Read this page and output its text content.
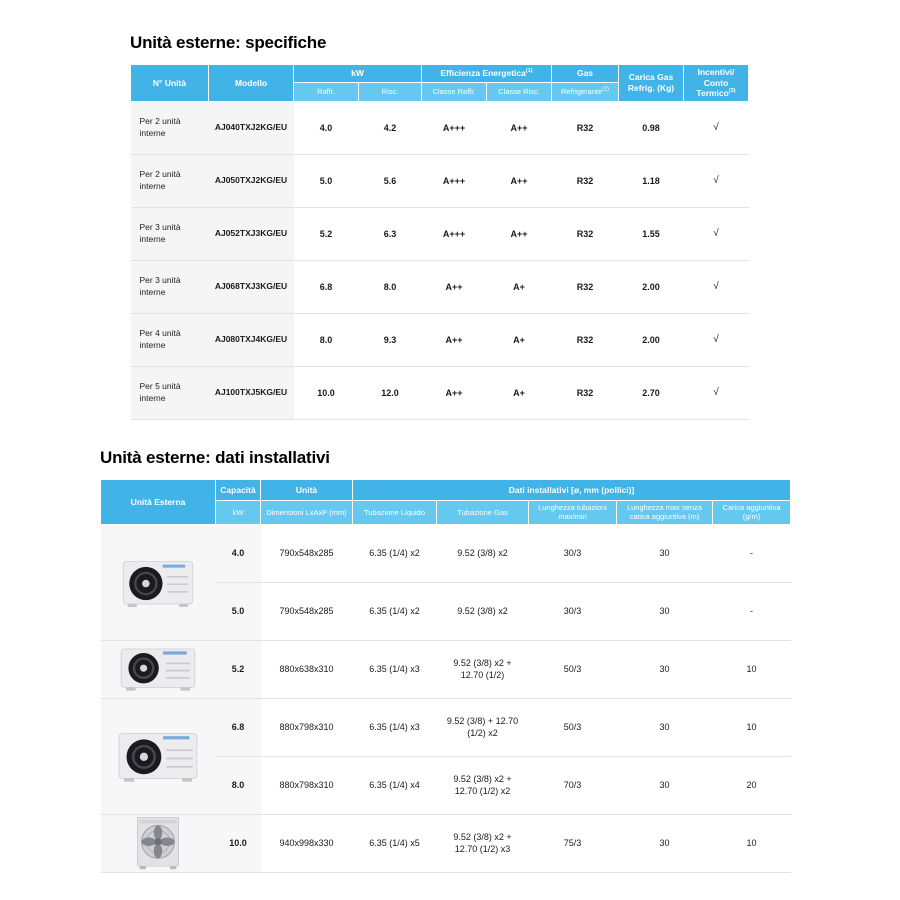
Unità esterne: specifiche
N° Unità	Modello	kW		Efficienza Energetica$^{(1)}$		Gas	Carica Gas Refrig. (Kg)	Incentivi/
Conto Termico$^{(3)}$
		Raffr.	Risc.	Classe Raffr.	Classe Risc.	Refrigerante$^{(2)}$
Per 2 unità interne	AJ040TXJ2KG/EU	4.0	4.2	A+++	A++	R32	0.98	√
Per 2 unità interne	AJ050TXJ2KG/EU	5.0	5.6	A+++	A++	R32	1.18	√
Per 3 unità interne	AJ052TXJ3KG/EU	5.2	6.3	A+++	A++	R32	1.55	√
Per 3 unità interne	AJ068TXJ3KG/EU	6.8	8.0	A++	A+	R32	2.00	√
Per 4 unità interne	AJ080TXJ4KG/EU	8.0	9.3	A++	A+	R32	2.00	√
Per 5 unità interne	AJ100TXJ5KG/EU	10.0	12.0	A++	A+	R32	2.70	√
Unità esterne: dati installativi
Unità Esterna	Capacità	Unità	Dati installativi [ø, mm (pollici)]				
	kW	Dimensioni LxAxP (mm)	Tubazione Liquido	Tubazione Gas	Lunghezza tubazioni max/min	Lunghezza max senza carica aggiuntiva (m)	Carica aggiuntiva (g/m)

	4.0	790x548x285	6.35 (1/4) x2	9.52 (3/8) x2	30/3	30	-
	5.0	790x548x285	6.35 (1/4) x2	9.52 (3/8) x2	30/3	30	-

	5.2	880x638x310	6.35 (1/4) x3	9.52 (3/8) x2 + 12.70 (1/2)	50/3	30	10

	6.8	880x798x310	6.35 (1/4) x3	9.52 (3/8) + 12.70 (1/2) x2	50/3	30	10
	8.0	880x798x310	6.35 (1/4) x4	9.52 (3/8) x2 + 12.70 (1/2) x2	70/3	30	20

	10.0	940x998x330	6.35 (1/4) x5	9.52 (3/8) x2 + 12.70 (1/2) x3	75/3	30	10
